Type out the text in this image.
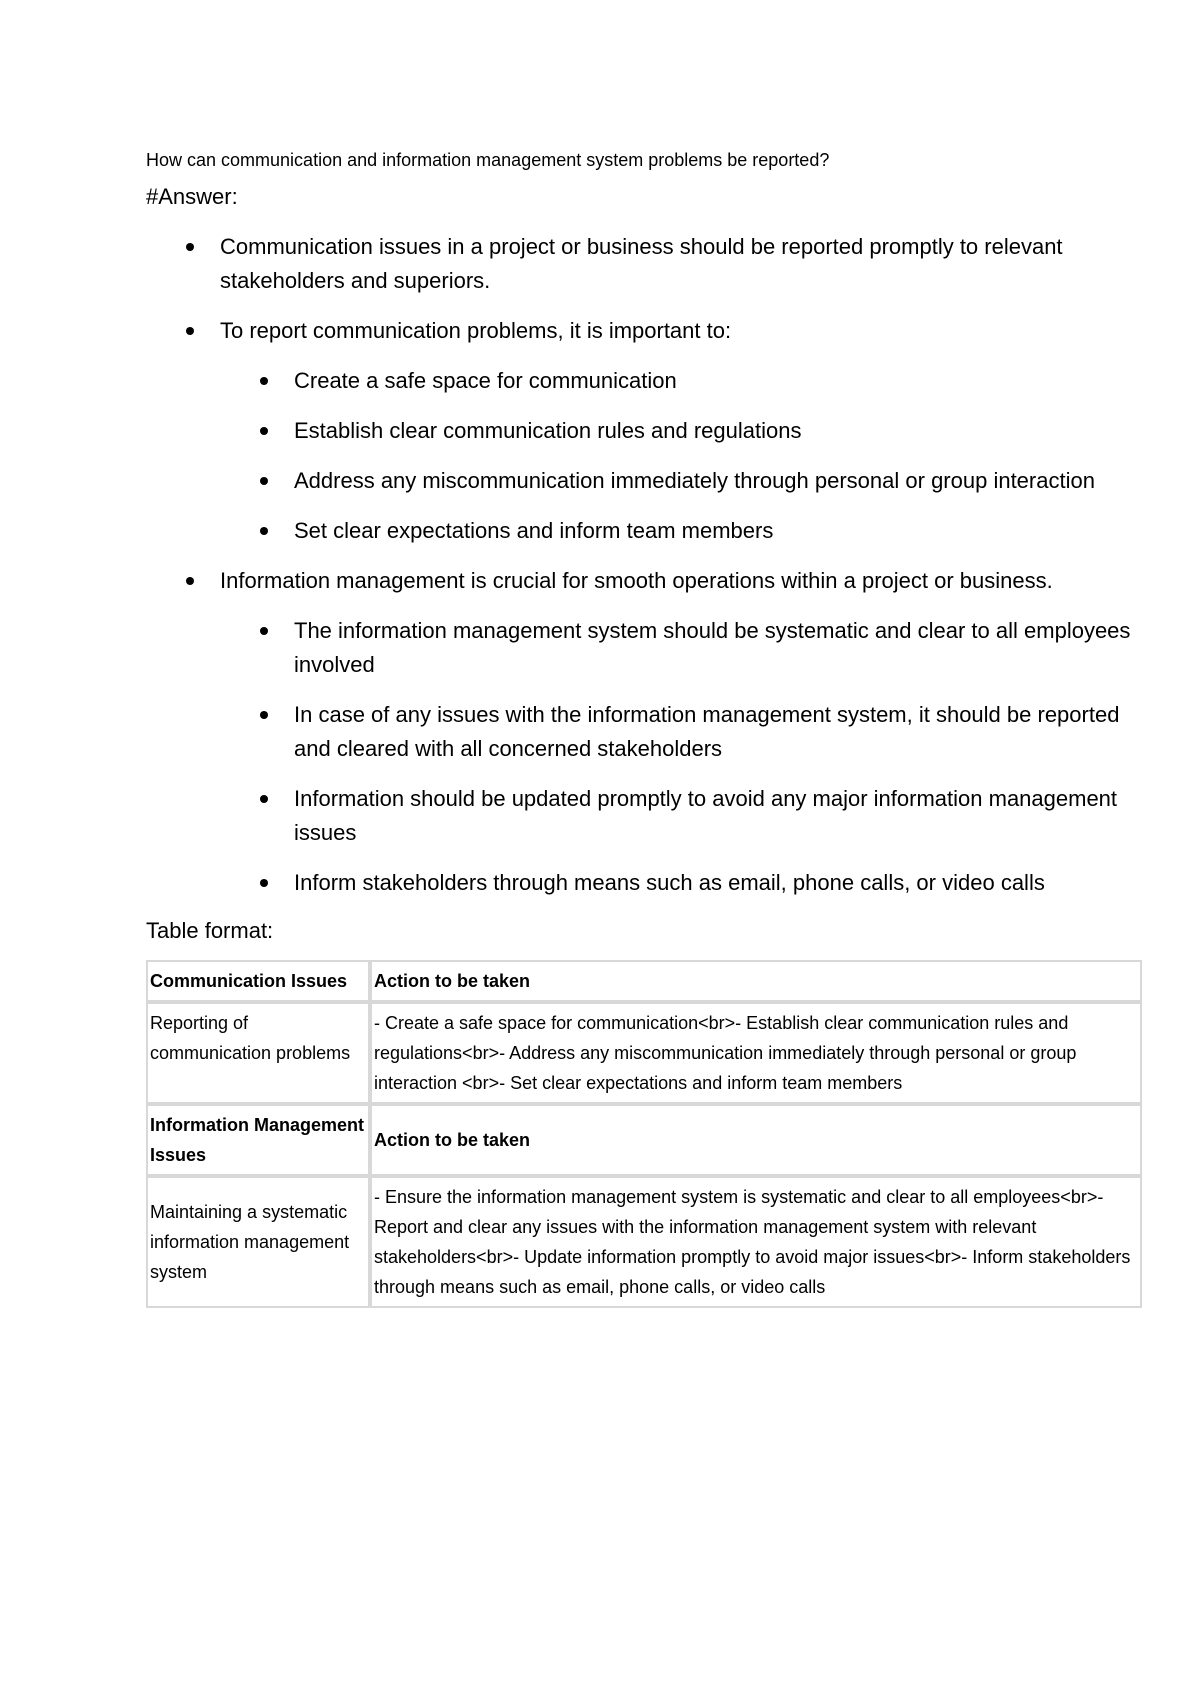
How can communication and information management system problems be reported?

#Answer:

Communication issues in a project or business should be reported promptly to relevant stakeholders and superiors.
To report communication problems, it is important to:
Create a safe space for communication
Establish clear communication rules and regulations
Address any miscommunication immediately through personal or group interaction
Set clear expectations and inform team members
Information management is crucial for smooth operations within a project or business.
The information management system should be systematic and clear to all employees involved
In case of any issues with the information management system, it should be reported and cleared with all concerned stakeholders
Information should be updated promptly to avoid any major information management issues
Inform stakeholders through means such as email, phone calls, or video calls

Table format:

Communication Issues	Action to be taken
Reporting of communication problems	- Create a safe space for communication<br>- Establish clear communication rules and regulations<br>- Address any miscommunication immediately through personal or group interaction <br>- Set clear expectations and inform team members
Information Management Issues	Action to be taken
Maintaining a systematic information management system	- Ensure the information management system is systematic and clear to all employees<br>- Report and clear any issues with the information management system with relevant stakeholders<br>- Update information promptly to avoid major issues<br>- Inform stakeholders through means such as email, phone calls, or video calls
